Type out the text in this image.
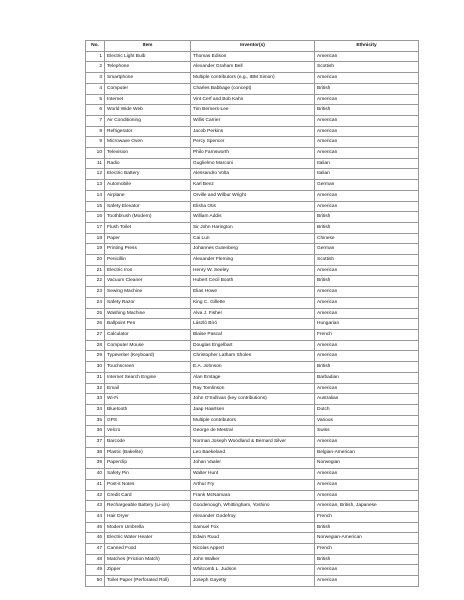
No.	Item	Inventor(s)	Ethnicity
1	Electric Light Bulb	Thomas Edison	American
2	Telephone	Alexander Graham Bell	Scottish
3	Smartphone	Multiple contributors (e.g., IBM Simon)	American
4	Computer	Charles Babbage (concept)	British
5	Internet	Vint Cerf and Bob Kahn	American
6	World Wide Web	Tim Berners-Lee	British
7	Air Conditioning	Willis Carrier	American
8	Refrigerator	Jacob Perkins	American
9	Microwave Oven	Percy Spencer	American
10	Television	Philo Farnsworth	American
11	Radio	Guglielmo Marconi	Italian
12	Electric Battery	Alessandro Volta	Italian
13	Automobile	Karl Benz	German
14	Airplane	Orville and Wilbur Wright	American
15	Safety Elevator	Elisha Otis	American
16	Toothbrush (Modern)	William Addis	British
17	Flush Toilet	Sir John Harington	British
18	Paper	Cai Lun	Chinese
19	Printing Press	Johannes Gutenberg	German
20	Penicillin	Alexander Fleming	Scottish
21	Electric Iron	Henry W. Seeley	American
22	Vacuum Cleaner	Hubert Cecil Booth	British
23	Sewing Machine	Elias Howe	American
24	Safety Razor	King C. Gillette	American
25	Washing Machine	Alva J. Fisher	American
26	Ballpoint Pen	László Bíró	Hungarian
27	Calculator	Blaise Pascal	French
28	Computer Mouse	Douglas Engelbart	American
29	Typewriter (Keyboard)	Christopher Latham Sholes	American
30	Touchscreen	E.A. Johnson	British
31	Internet Search Engine	Alan Emtage	Barbadian
32	Email	Ray Tomlinson	American
33	Wi-Fi	John O'Sullivan (key contributions)	Australian
34	Bluetooth	Jaap Haartsen	Dutch
35	GPS	Multiple contributors	Various
36	Velcro	George de Mestral	Swiss
37	Barcode	Norman Joseph Woodland & Bernard Silver	American
38	Plastic (Bakelite)	Leo Baekeland	Belgian-American
39	Paperclip	Johan Vaaler	Norwegian
40	Safety Pin	Walter Hunt	American
41	Post-it Notes	Arthur Fry	American
42	Credit Card	Frank McNamara	American
43	Rechargeable Battery (Li-ion)	Goodenough, Whittingham, Yoshino	American, British, Japanese
44	Hair Dryer	Alexander Godefroy	French
45	Modern Umbrella	Samuel Fox	British
46	Electric Water Heater	Edwin Ruud	Norwegian-American
47	Canned Food	Nicolas Appert	French
48	Matches (Friction Match)	John Walker	British
49	Zipper	Whitcomb L. Judson	American
50	Toilet Paper (Perforated Roll)	Joseph Gayetty	American
